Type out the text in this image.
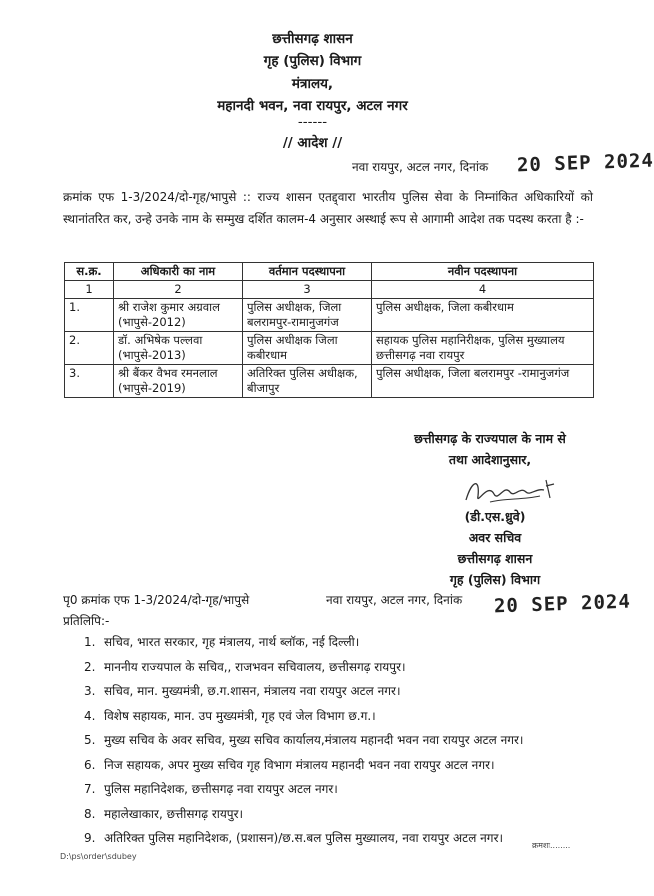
छत्तीसगढ़ शासन
गृह (पुलिस) विभाग
मंत्रालय,
महानदी भवन, नवा रायपुर, अटल नगर
------
// आदेश //
नवा रायपुर, अटल नगर, दिनांक 20 SEP 2024
क्रमांक एफ 1-3/2024/दो-गृह/भापुसे :: राज्य शासन एतद्द्वारा भारतीय पुलिस सेवा के निम्नांकित अधिकारियों को स्थानांतरित कर, उन्हे उनके नाम के सम्मुख दर्शित कालम-4 अनुसार अस्थाई रूप से आगामी आदेश तक पदस्थ करता है :-
स.क्र.	अधिकारी का नाम	वर्तमान पदस्थापना	नवीन पदस्थापना
1	2	3	4
1.	श्री राजेश कुमार अग्रवाल (भापुसे-2012)	पुलिस अधीक्षक, जिला बलरामपुर-रामानुजगंज	पुलिस अधीक्षक, जिला कबीरधाम
2.	डॉ. अभिषेक पल्लवा (भापुसे-2013)	पुलिस अधीक्षक जिला कबीरधाम	सहायक पुलिस महानिरीक्षक, पुलिस मुख्यालय छत्तीसगढ़ नवा रायपुर
3.	श्री बैंकर वैभव रमनलाल (भापुसे-2019)	अतिरिक्त पुलिस अधीक्षक, बीजापुर	पुलिस अधीक्षक, जिला बलरामपुर -रामानुजगंज
छत्तीसगढ़ के राज्यपाल के नाम से
तथा आदेशानुसार,
(डी.एस.ध्रुवे)
अवर सचिव
छत्तीसगढ़ शासन
गृह (पुलिस) विभाग
पृ0 क्रमांक एफ 1-3/2024/दो-गृह/भापुसे	नवा रायपुर, अटल नगर, दिनांक 20 SEP 2024
प्रतिलिपि:-
1. सचिव, भारत सरकार, गृह मंत्रालय, नार्थ ब्लॉक, नई दिल्ली।
2. माननीय राज्यपाल के सचिव,, राजभवन सचिवालय, छत्तीसगढ़ रायपुर।
3. सचिव, मान. मुख्यमंत्री, छ.ग.शासन, मंत्रालय नवा रायपुर अटल नगर।
4. विशेष सहायक, मान. उप मुख्यमंत्री, गृह एवं जेल विभाग छ.ग.।
5. मुख्य सचिव के अवर सचिव, मुख्य सचिव कार्यालय,मंत्रालय महानदी भवन नवा रायपुर अटल नगर।
6. निज सहायक, अपर मुख्य सचिव गृह विभाग मंत्रालय महानदी भवन नवा रायपुर अटल नगर।
7. पुलिस महानिदेशक, छत्तीसगढ़ नवा रायपुर अटल नगर।
8. महालेखाकार, छत्तीसगढ़ रायपुर।
9. अतिरिक्त पुलिस महानिदेशक, (प्रशासन)/छ.स.बल पुलिस मुख्यालय, नवा रायपुर अटल नगर।
D:\ps\order\sdubey
क्रमशः........
